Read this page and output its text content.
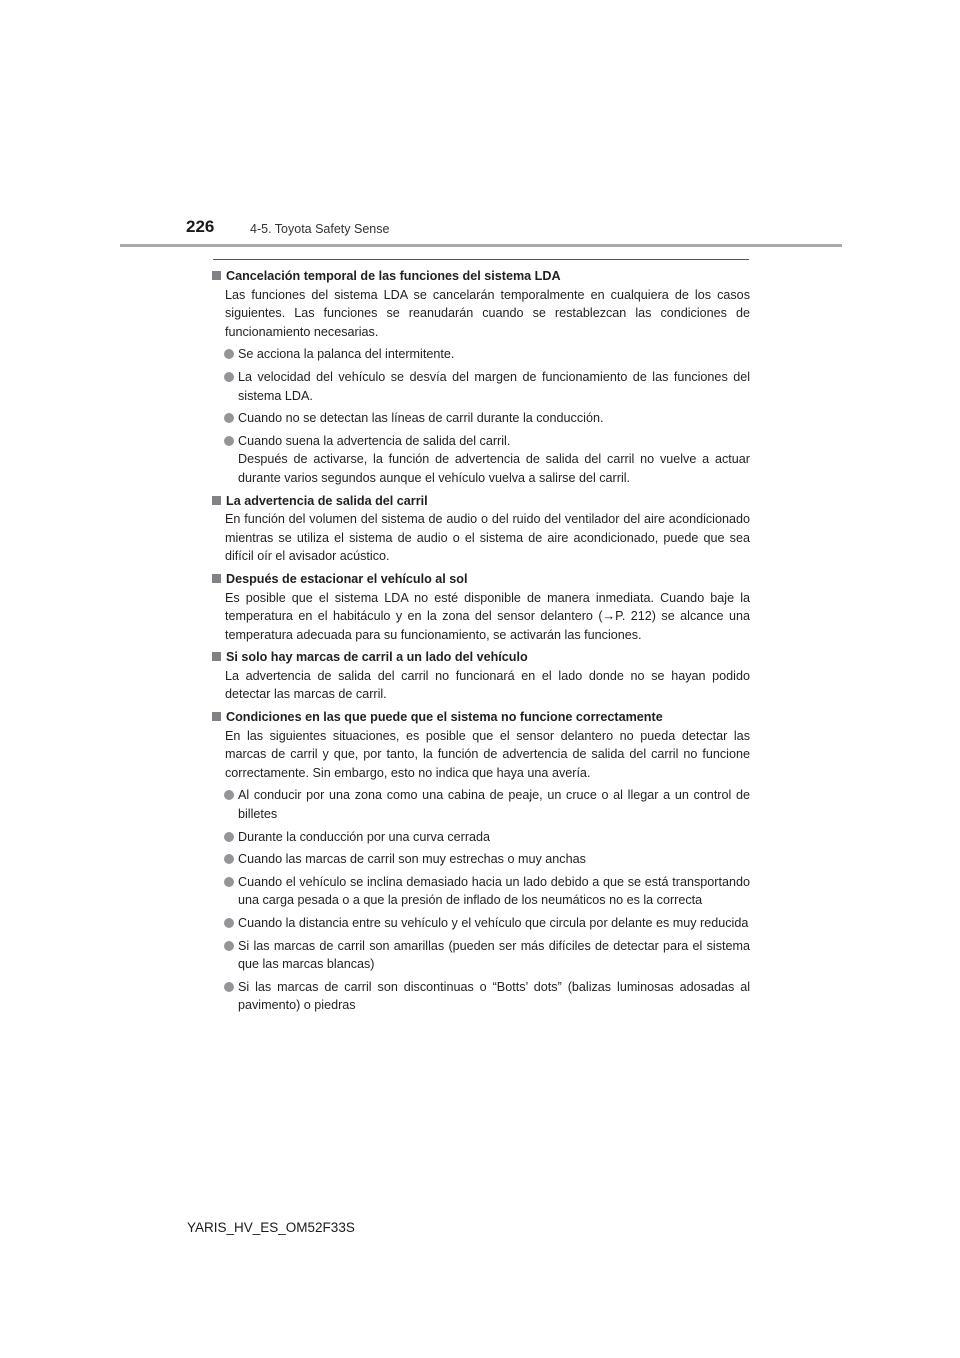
226	4-5. Toyota Safety Sense
Cancelación temporal de las funciones del sistema LDA
Las funciones del sistema LDA se cancelarán temporalmente en cualquiera de los casos siguientes. Las funciones se reanudarán cuando se restablezcan las condiciones de funcionamiento necesarias.
Se acciona la palanca del intermitente.
La velocidad del vehículo se desvía del margen de funcionamiento de las funciones del sistema LDA.
Cuando no se detectan las líneas de carril durante la conducción.
Cuando suena la advertencia de salida del carril.
Después de activarse, la función de advertencia de salida del carril no vuelve a actuar durante varios segundos aunque el vehículo vuelva a salirse del carril.
La advertencia de salida del carril
En función del volumen del sistema de audio o del ruido del ventilador del aire acondicionado mientras se utiliza el sistema de audio o el sistema de aire acondicionado, puede que sea difícil oír el avisador acústico.
Después de estacionar el vehículo al sol
Es posible que el sistema LDA no esté disponible de manera inmediata. Cuando baje la temperatura en el habitáculo y en la zona del sensor delantero (→P. 212) se alcance una temperatura adecuada para su funcionamiento, se activarán las funciones.
Si solo hay marcas de carril a un lado del vehículo
La advertencia de salida del carril no funcionará en el lado donde no se hayan podido detectar las marcas de carril.
Condiciones en las que puede que el sistema no funcione correctamente
En las siguientes situaciones, es posible que el sensor delantero no pueda detectar las marcas de carril y que, por tanto, la función de advertencia de salida del carril no funcione correctamente. Sin embargo, esto no indica que haya una avería.
Al conducir por una zona como una cabina de peaje, un cruce o al llegar a un control de billetes
Durante la conducción por una curva cerrada
Cuando las marcas de carril son muy estrechas o muy anchas
Cuando el vehículo se inclina demasiado hacia un lado debido a que se está transportando una carga pesada o a que la presión de inflado de los neumáticos no es la correcta
Cuando la distancia entre su vehículo y el vehículo que circula por delante es muy reducida
Si las marcas de carril son amarillas (pueden ser más difíciles de detectar para el sistema que las marcas blancas)
Si las marcas de carril son discontinuas o “Botts’ dots” (balizas luminosas adosadas al pavimento) o piedras
YARIS_HV_ES_OM52F33S
